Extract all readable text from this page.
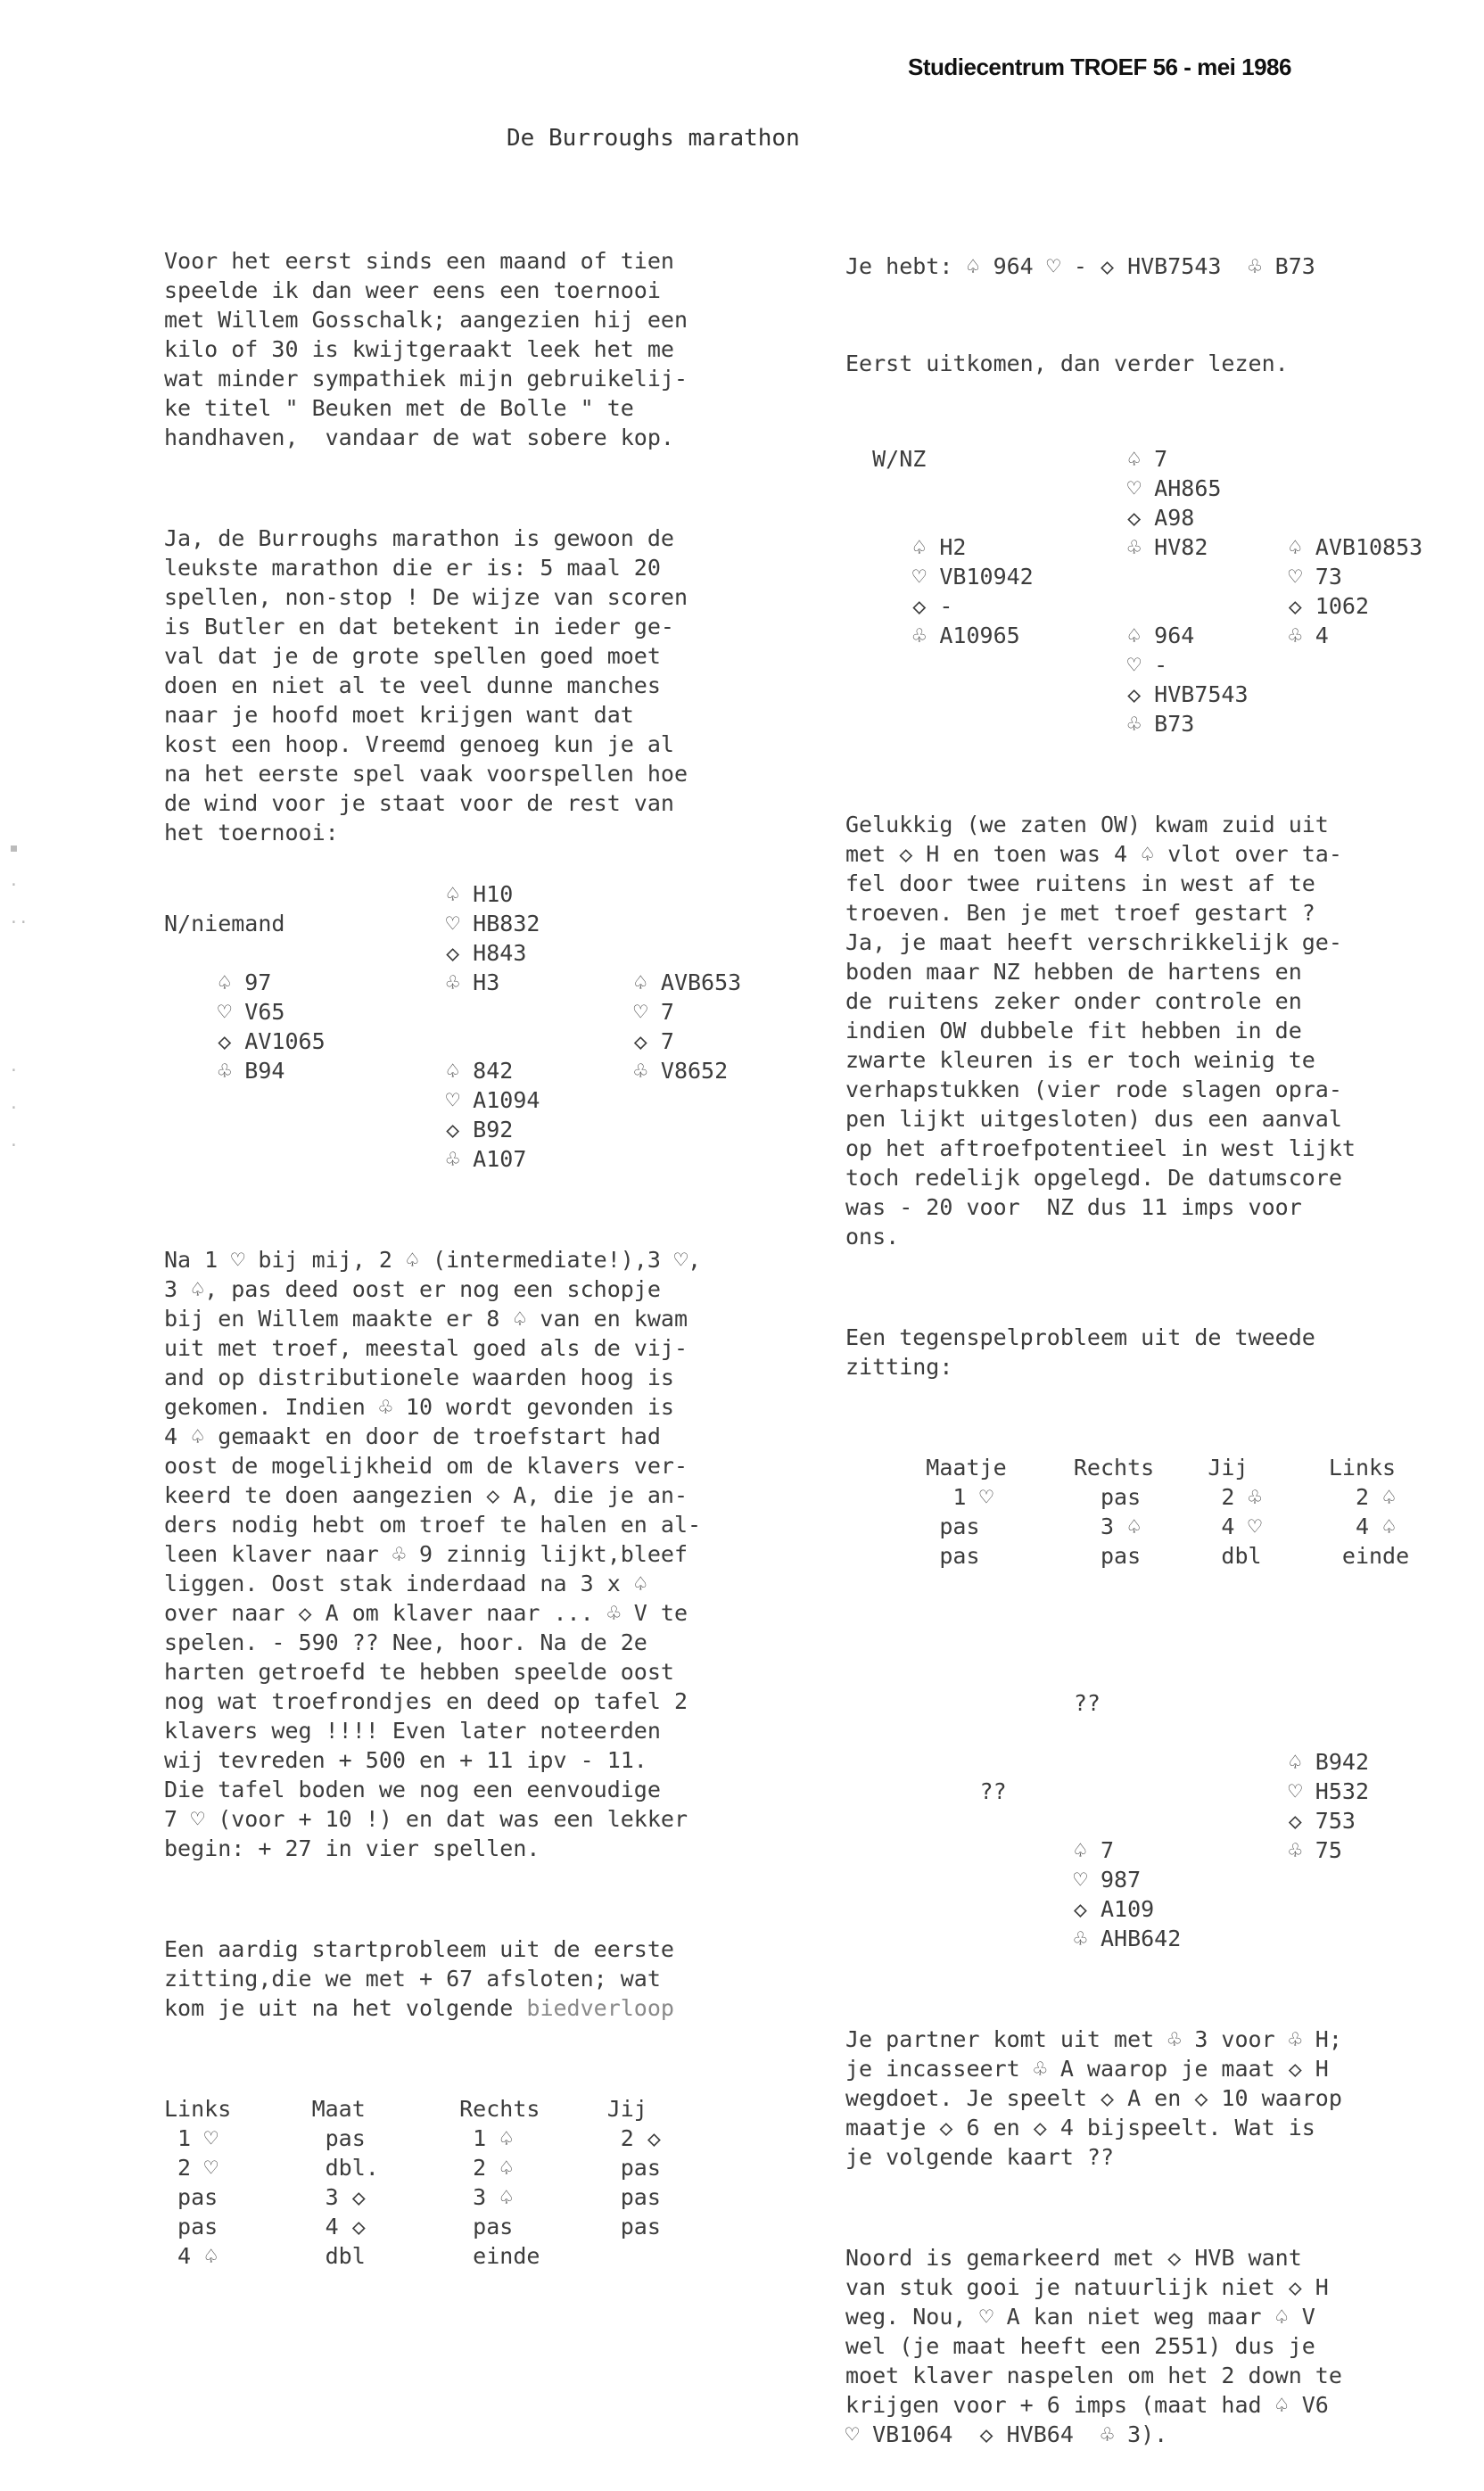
Studiecentrum TROEF 56 - mei 1986
De Burroughs marathon
▪

·

··
·

·

·

Voor het eerst sinds een maand of tien
speelde ik dan weer eens een toernooi
met Willem Gosschalk; aangezien hij een
kilo of 30 is kwijtgeraakt leek het me
wat minder sympathiek mijn gebruikelij-
ke titel " Beuken met de Bolle " te
handhaven,  vandaar de wat sobere kop.

Ja, de Burroughs marathon is gewoon de
leukste marathon die er is: 5 maal 20
spellen, non-stop ! De wijze van scoren
is Butler en dat betekent in ieder ge-
val dat je de grote spellen goed moet
doen en niet al te veel dunne manches
naar je hoofd moet krijgen want dat
kost een hoop. Vreemd genoeg kun je al
na het eerste spel vaak voorspellen hoe
de wind voor je staat voor de rest van
het toernooi:

♤ H10
N/niemand            ♡ HB832
◇ H843
♤ 97             ♧ H3          ♤ AVB653
♡ V65                          ♡ 7
◇ AV1065                       ◇ 7
♧ B94            ♤ 842         ♧ V8652
♡ A1094
◇ B92
♧ A107

Na 1 ♡ bij mij, 2 ♤ (intermediate!),3 ♡,
3 ♤, pas deed oost er nog een schopje
bij en Willem maakte er 8 ♤ van en kwam
uit met troef, meestal goed als de vij-
and op distributionele waarden hoog is
gekomen. Indien ♧ 10 wordt gevonden is
4 ♤ gemaakt en door de troefstart had
oost de mogelijkheid om de klavers ver-
keerd te doen aangezien ◇ A, die je an-
ders nodig hebt om troef te halen en al-
leen klaver naar ♧ 9 zinnig lijkt,bleef
liggen. Oost stak inderdaad na 3 x ♤
over naar ◇ A om klaver naar ... ♧ V te
spelen. - 590 ?? Nee, hoor. Na de 2e
harten getroefd te hebben speelde oost
nog wat troefrondjes en deed op tafel 2
klavers weg !!!! Even later noteerden
wij tevreden + 500 en + 11 ipv - 11.
Die tafel boden we nog een eenvoudige
7 ♡ (voor + 10 !) en dat was een lekker
begin: + 27 in vier spellen.

Een aardig startprobleem uit de eerste
zitting,die we met + 67 afsloten; wat
kom je uit na het volgende biedverloop

Links      Maat       Rechts     Jij
1 ♡        pas        1 ♤        2 ◇
2 ♡        dbl.       2 ♤        pas
pas        3 ◇        3 ♤        pas
pas        4 ◇        pas        pas
4 ♤        dbl        einde

Je hebt: ♤ 964 ♡ - ◇ HVB7543  ♧ B73

Eerst uitkomen, dan verder lezen.

W/NZ               ♤ 7
♡ AH865
◇ A98
♤ H2            ♧ HV82      ♤ AVB10853
♡ VB10942                   ♡ 73
◇ -                         ◇ 1062
♧ A10965        ♤ 964       ♧ 4
♡ -
◇ HVB7543
♧ B73

Gelukkig (we zaten OW) kwam zuid uit
met ◇ H en toen was 4 ♤ vlot over ta-
fel door twee ruitens in west af te
troeven. Ben je met troef gestart ?
Ja, je maat heeft verschrikkelijk ge-
boden maar NZ hebben de hartens en
de ruitens zeker onder controle en
indien OW dubbele fit hebben in de
zwarte kleuren is er toch weinig te
verhapstukken (vier rode slagen opra-
pen lijkt uitgesloten) dus een aanval
op het aftroefpotentieel in west lijkt
toch redelijk opgelegd. De datumscore
was - 20 voor  NZ dus 11 imps voor
ons.

Een tegenspelprobleem uit de tweede
zitting:

Maatje     Rechts    Jij      Links
1 ♡        pas      2 ♧       2 ♤
pas         3 ♤      4 ♡       4 ♤
pas         pas      dbl      einde

??

♤ B942
??                     ♡ H532
◇ 753
♤ 7             ♧ 75
♡ 987
◇ A109
♧ AHB642

Je partner komt uit met ♧ 3 voor ♧ H;
je incasseert ♧ A waarop je maat ◇ H
wegdoet. Je speelt ◇ A en ◇ 10 waarop
maatje ◇ 6 en ◇ 4 bijspeelt. Wat is
je volgende kaart ??

Noord is gemarkeerd met ◇ HVB want
van stuk gooi je natuurlijk niet ◇ H
weg. Nou, ♡ A kan niet weg maar ♤ V
wel (je maat heeft een 2551) dus je
moet klaver naspelen om het 2 down te
krijgen voor + 6 imps (maat had ♤ V6
♡ VB1064  ◇ HVB64  ♧ 3).
